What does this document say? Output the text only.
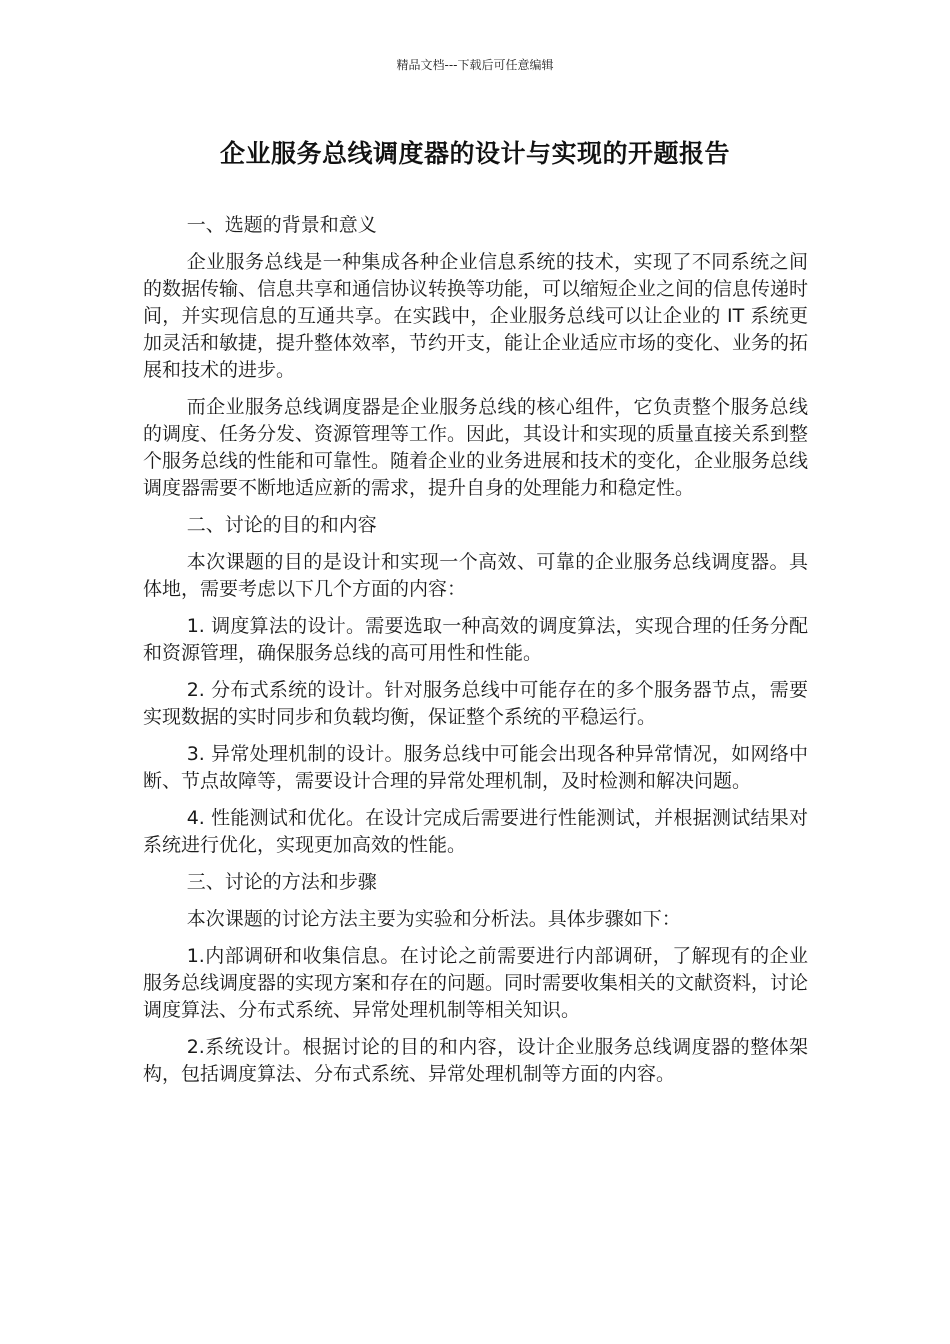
精品文档---下载后可任意编辑
企业服务总线调度器的设计与实现的开题报告

一、选题的背景和意义

企业服务总线是一种集成各种企业信息系统的技术，实现了不同系统之间的数据传输、信息共享和通信协议转换等功能，可以缩短企业之间的信息传递时间，并实现信息的互通共享。在实践中，企业服务总线可以让企业的 IT 系统更加灵活和敏捷，提升整体效率，节约开支，能让企业适应市场的变化、业务的拓展和技术的进步。

而企业服务总线调度器是企业服务总线的核心组件，它负责整个服务总线的调度、任务分发、资源管理等工作。因此，其设计和实现的质量直接关系到整个服务总线的性能和可靠性。随着企业的业务进展和技术的变化，企业服务总线调度器需要不断地适应新的需求，提升自身的处理能力和稳定性。

二、讨论的目的和内容

本次课题的目的是设计和实现一个高效、可靠的企业服务总线调度器。具体地，需要考虑以下几个方面的内容：

1. 调度算法的设计。需要选取一种高效的调度算法，实现合理的任务分配和资源管理，确保服务总线的高可用性和性能。

2. 分布式系统的设计。针对服务总线中可能存在的多个服务器节点，需要实现数据的实时同步和负载均衡，保证整个系统的平稳运行。

3. 异常处理机制的设计。服务总线中可能会出现各种异常情况，如网络中断、节点故障等，需要设计合理的异常处理机制，及时检测和解决问题。

4. 性能测试和优化。在设计完成后需要进行性能测试，并根据测试结果对系统进行优化，实现更加高效的性能。

三、讨论的方法和步骤

本次课题的讨论方法主要为实验和分析法。具体步骤如下：

1.内部调研和收集信息。在讨论之前需要进行内部调研，了解现有的企业服务总线调度器的实现方案和存在的问题。同时需要收集相关的文献资料，讨论调度算法、分布式系统、异常处理机制等相关知识。

2.系统设计。根据讨论的目的和内容，设计企业服务总线调度器的整体架构，包括调度算法、分布式系统、异常处理机制等方面的内容。
